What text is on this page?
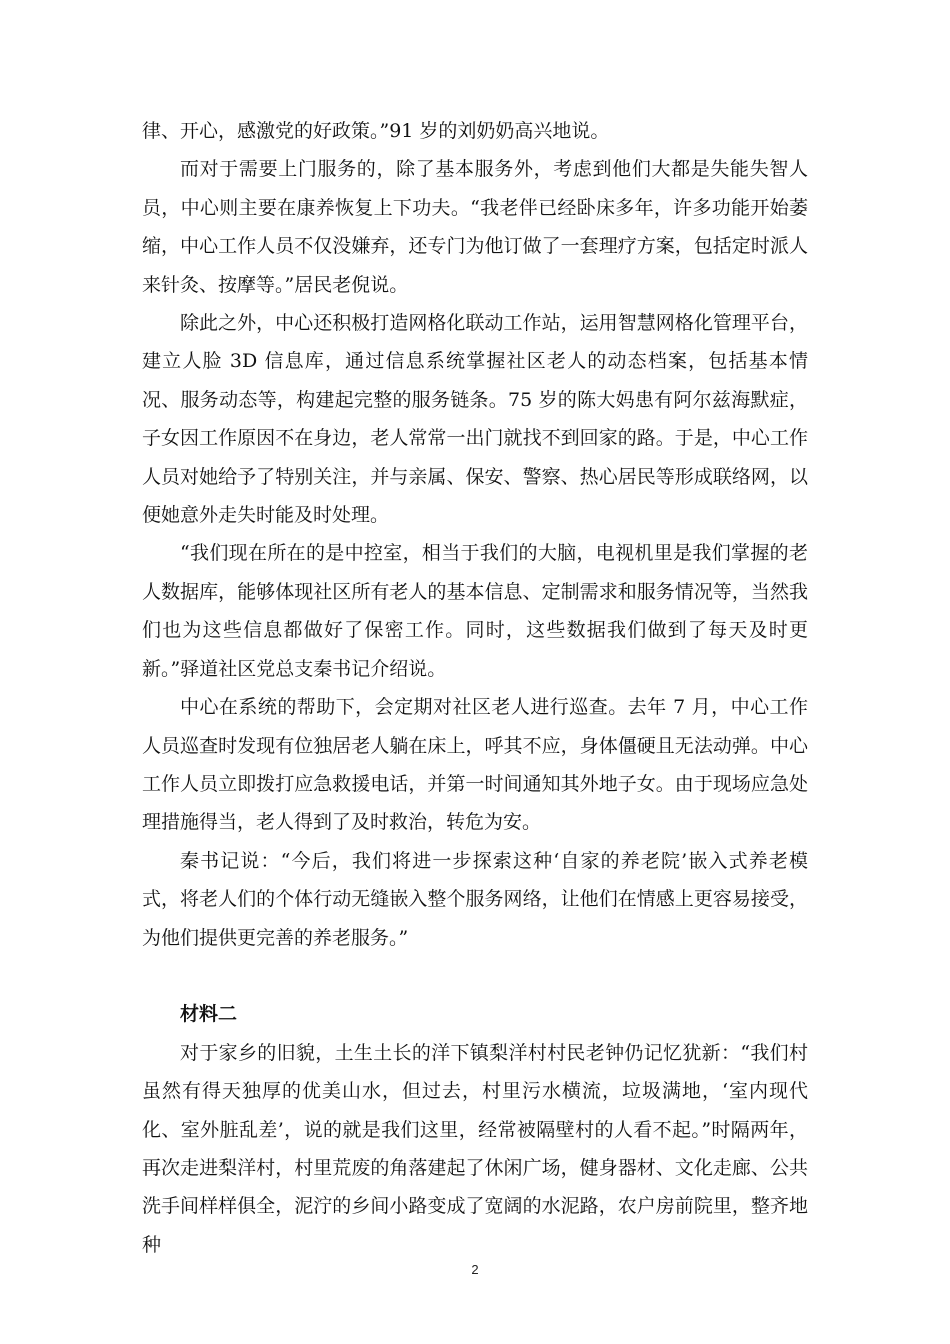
律、开心，感激党的好政策。”91 岁的刘奶奶高兴地说。

而对于需要上门服务的，除了基本服务外，考虑到他们大都是失能失智人员，中心则主要在康养恢复上下功夫。“我老伴已经卧床多年，许多功能开始萎缩，中心工作人员不仅没嫌弃，还专门为他订做了一套理疗方案，包括定时派人来针灸、按摩等。”居民老倪说。

除此之外，中心还积极打造网格化联动工作站，运用智慧网格化管理平台，建立人脸 3D 信息库，通过信息系统掌握社区老人的动态档案，包括基本情况、服务动态等，构建起完整的服务链条。75 岁的陈大妈患有阿尔兹海默症，子女因工作原因不在身边，老人常常一出门就找不到回家的路。于是，中心工作人员对她给予了特别关注，并与亲属、保安、警察、热心居民等形成联络网，以便她意外走失时能及时处理。

“我们现在所在的是中控室，相当于我们的大脑，电视机里是我们掌握的老人数据库，能够体现社区所有老人的基本信息、定制需求和服务情况等，当然我们也为这些信息都做好了保密工作。同时，这些数据我们做到了每天及时更新。”驿道社区党总支秦书记介绍说。

中心在系统的帮助下，会定期对社区老人进行巡查。去年 7 月，中心工作人员巡查时发现有位独居老人躺在床上，呼其不应，身体僵硬且无法动弹。中心工作人员立即拨打应急救援电话，并第一时间通知其外地子女。由于现场应急处理措施得当，老人得到了及时救治，转危为安。

秦书记说：“今后，我们将进一步探索这种‘自家的养老院’嵌入式养老模式，将老人们的个体行动无缝嵌入整个服务网络，让他们在情感上更容易接受，为他们提供更完善的养老服务。”

材料二

对于家乡的旧貌，土生土长的洋下镇梨洋村村民老钟仍记忆犹新：“我们村虽然有得天独厚的优美山水，但过去，村里污水横流，垃圾满地，‘室内现代化、室外脏乱差’，说的就是我们这里，经常被隔壁村的人看不起。”时隔两年，再次走进梨洋村，村里荒废的角落建起了休闲广场，健身器材、文化走廊、公共洗手间样样俱全，泥泞的乡间小路变成了宽阔的水泥路，农户房前院里，整齐地种

2
